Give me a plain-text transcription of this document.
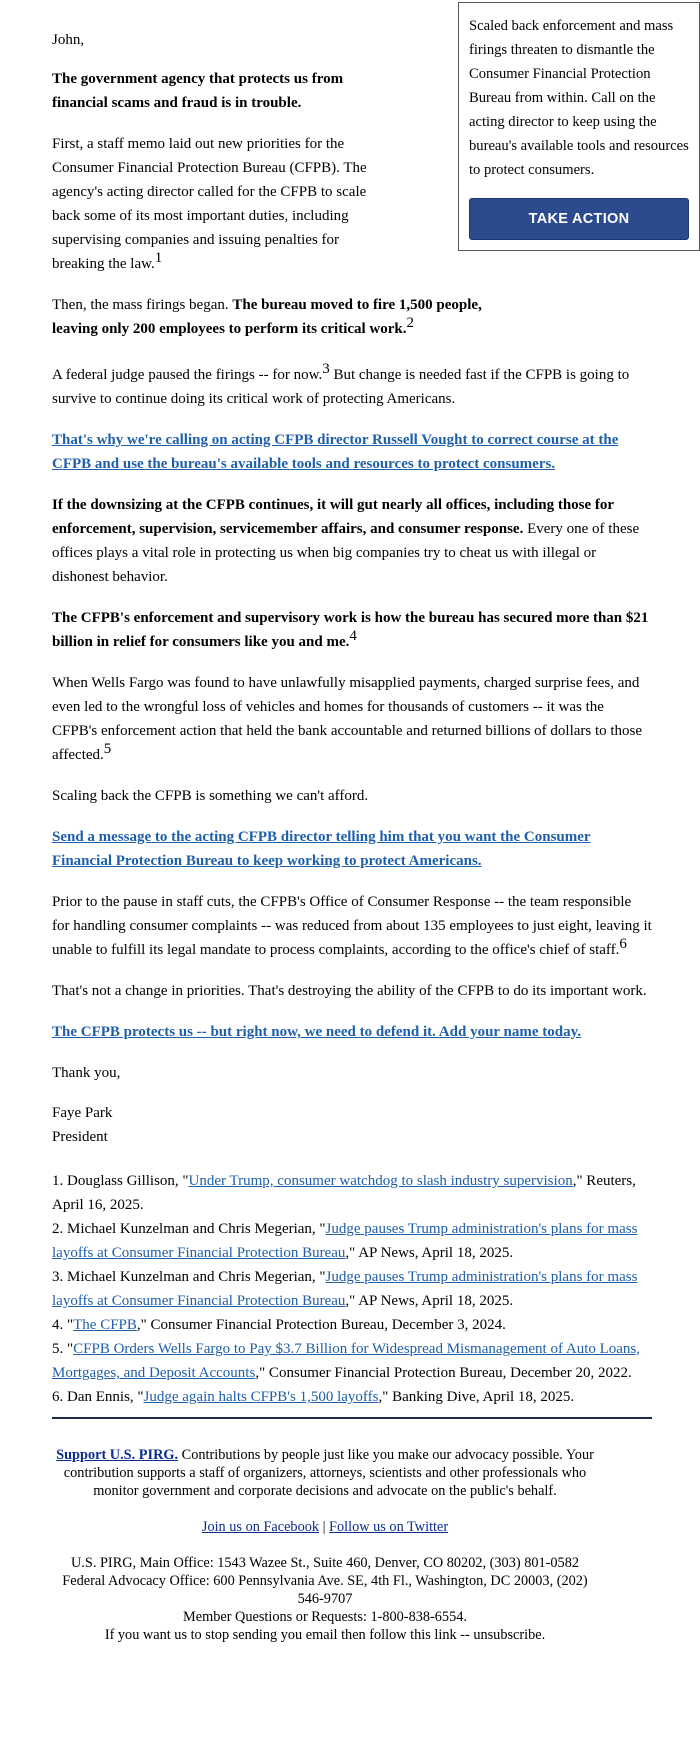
Scaled back enforcement and mass firings threaten to dismantle the Consumer Financial Protection Bureau from within. Call on the acting director to keep using the bureau's available tools and resources to protect consumers.

TAKE ACTION

John,

The government agency that protects us from financial scams and fraud is in trouble.

First, a staff memo laid out new priorities for the Consumer Financial Protection Bureau (CFPB). The agency's acting director called for the CFPB to scale back some of its most important duties, including supervising companies and issuing penalties for breaking the law.$^1$

Then, the mass firings began. The bureau moved to fire 1,500 people, leaving only 200 employees to perform its critical work.$^2$

A federal judge paused the firings -- for now.$^3$ But change is needed fast if the CFPB is going to survive to continue doing its critical work of protecting Americans.

That's why we're calling on acting CFPB director Russell Vought to correct course at the CFPB and use the bureau's available tools and resources to protect consumers.

If the downsizing at the CFPB continues, it will gut nearly all offices, including those for enforcement, supervision, servicemember affairs, and consumer response. Every one of these offices plays a vital role in protecting us when big companies try to cheat us with illegal or dishonest behavior.

The CFPB's enforcement and supervisory work is how the bureau has secured more than $21 billion in relief for consumers like you and me.$^4$

When Wells Fargo was found to have unlawfully misapplied payments, charged surprise fees, and even led to the wrongful loss of vehicles and homes for thousands of customers -- it was the CFPB's enforcement action that held the bank accountable and returned billions of dollars to those affected.$^5$

Scaling back the CFPB is something we can't afford.

Send a message to the acting CFPB director telling him that you want the Consumer Financial Protection Bureau to keep working to protect Americans.

Prior to the pause in staff cuts, the CFPB's Office of Consumer Response -- the team responsible for handling consumer complaints -- was reduced from about 135 employees to just eight, leaving it unable to fulfill its legal mandate to process complaints, according to the office's chief of staff.$^6$

That's not a change in priorities. That's destroying the ability of the CFPB to do its important work.

The CFPB protects us -- but right now, we need to defend it. Add your name today.

Thank you,

Faye Park

President

1. Douglass Gillison, "Under Trump, consumer watchdog to slash industry supervision," Reuters, April 16, 2025.

2. Michael Kunzelman and Chris Megerian, "Judge pauses Trump administration's plans for mass layoffs at Consumer Financial Protection Bureau," AP News, April 18, 2025.

3. Michael Kunzelman and Chris Megerian, "Judge pauses Trump administration's plans for mass layoffs at Consumer Financial Protection Bureau," AP News, April 18, 2025.

4. "The CFPB," Consumer Financial Protection Bureau, December 3, 2024.

5. "CFPB Orders Wells Fargo to Pay $3.7 Billion for Widespread Mismanagement of Auto Loans, Mortgages, and Deposit Accounts," Consumer Financial Protection Bureau, December 20, 2022.

6. Dan Ennis, "Judge again halts CFPB's 1,500 layoffs," Banking Dive, April 18, 2025.

Support U.S. PIRG. Contributions by people just like you make our advocacy possible. Your contribution supports a staff of organizers, attorneys, scientists and other professionals who monitor government and corporate decisions and advocate on the public's behalf.
Join us on Facebook | Follow us on Twitter
U.S. PIRG, Main Office: 1543 Wazee St., Suite 460, Denver, CO 80202, (303) 801-0582
Federal Advocacy Office: 600 Pennsylvania Ave. SE, 4th Fl., Washington, DC 20003, (202) 546-9707
Member Questions or Requests: 1-800-838-6554.
If you want us to stop sending you email then follow this link -- unsubscribe.
